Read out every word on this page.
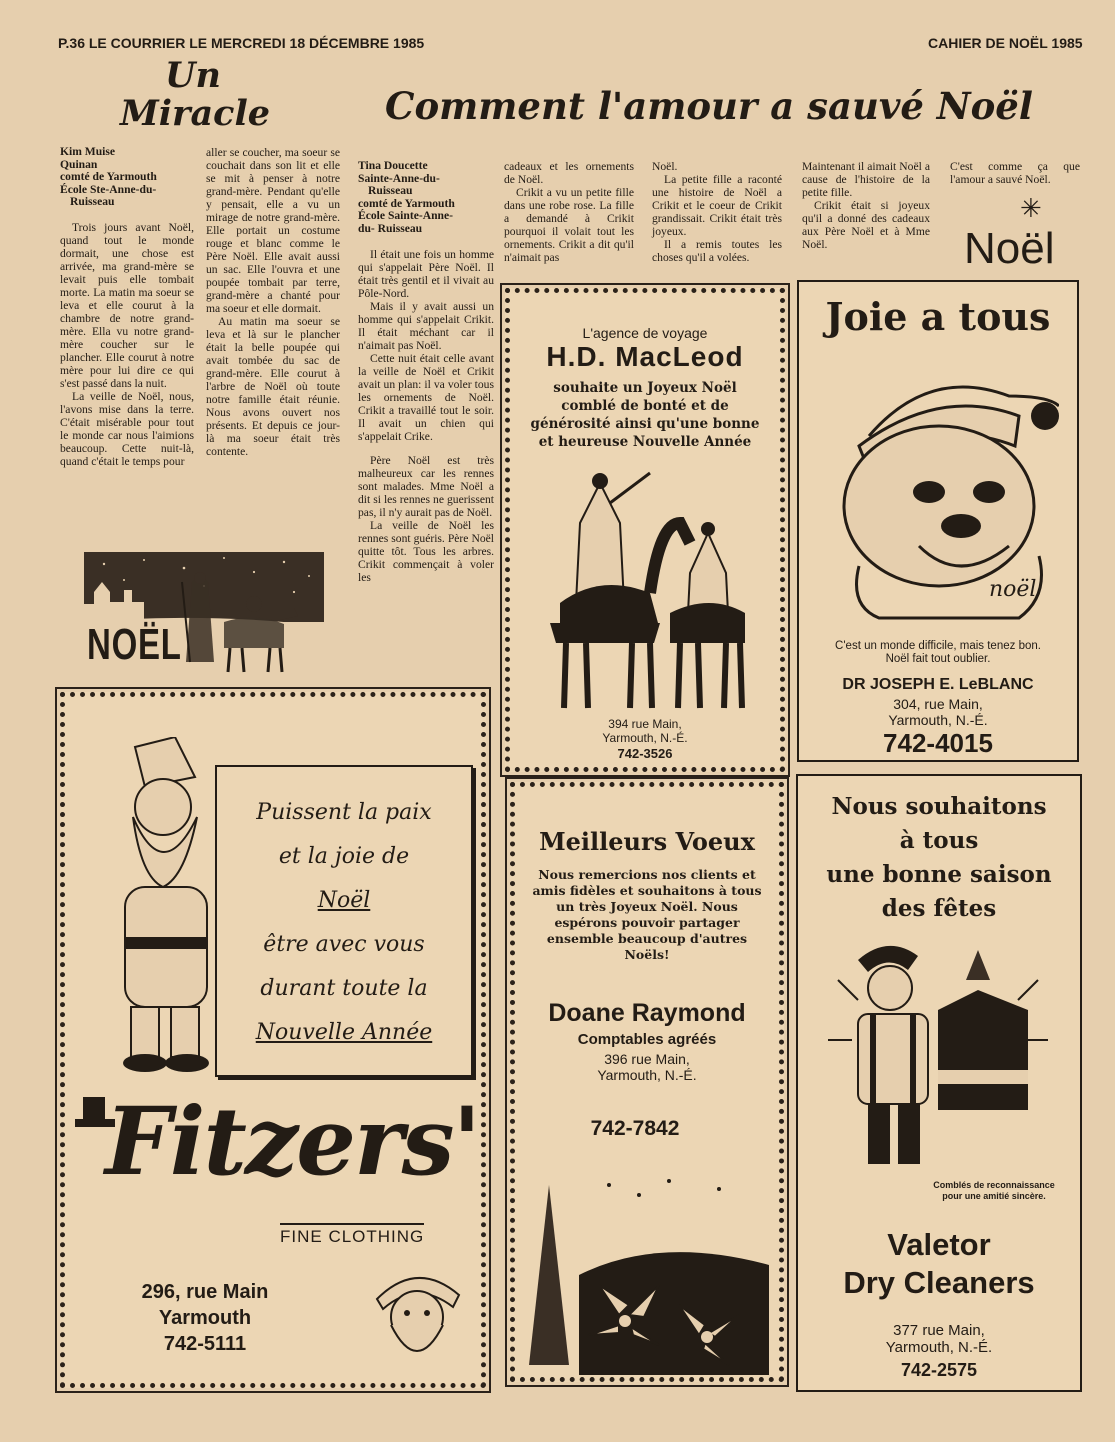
P.36 LE COURRIER LE MERCREDI 18 DÉCEMBRE 1985	CAHIER DE NOËL 1985
Un
Miracle	Comment l'amour a sauvé Noël
Kim Muise
Quinan
comté de Yarmouth
École Ste-Anne-du-
Ruisseau

Trois jours avant Noël, quand tout le monde dormait, une chose est arrivée, ma grand-mère se levait puis elle tombait morte. La matin ma soeur se leva et elle courut à la chambre de notre grand-mère. Ella vu notre grand-mère coucher sur le plancher. Elle courut à notre mère pour lui dire ce qui s'est passé dans la nuit.

La veille de Noël, nous, l'avons mise dans la terre. C'était misérable pour tout le monde car nous l'aimions beaucoup. Cette nuit-là, quand c'était le temps pour

aller se coucher, ma soeur se couchait dans son lit et elle se mit à penser à notre grand-mère. Pendant qu'elle y pensait, elle a vu un mirage de notre grand-mère. Elle portait un costume rouge et blanc comme le Père Noël. Elle avait aussi un sac. Elle l'ouvra et une poupée tombait par terre, grand-mère a chanté pour ma soeur et elle dormait.

Au matin ma soeur se leva et là sur le plancher était la belle poupée qui avait tombée du sac de grand-mère. Elle courut à l'arbre de Noël où toute notre famille était réunie. Nous avons ouvert nos présents. Et depuis ce jour-là ma soeur était très contente.

NOËL
Tina Doucette
Sainte-Anne-du-
Ruisseau
comté de Yarmouth
École Sainte-Anne-
du- Ruisseau

Il était une fois un homme qui s'appelait Père Noël. Il était très gentil et il vivait au Pôle-Nord.

Mais il y avait aussi un homme qui s'appelait Crikit. Il était méchant car il n'aimait pas Noël.

Cette nuit était celle avant la veille de Noël et Crikit avait un plan: il va voler tous les ornements de Noël. Crikit a travaillé tout le soir. Il avait un chien qui s'appelait Crike.

Père Noël est très malheureux car les rennes sont malades. Mme Noël a dit si les rennes ne guerissent pas, il n'y aurait pas de Noël.

La veille de Noël les rennes sont guéris. Père Noël quitte tôt. Tous les arbres. Crikit commençait à voler les

cadeaux et les ornements de Noël.

Crikit a vu un petite fille dans une robe rose. La fille a demandé à Crikit pourquoi il volait tout les ornements. Crikit a dit qu'il n'aimait pas

Noël.

La petite fille a raconté une histoire de Noël a Crikit et le coeur de Crikit grandissait. Crikit était très joyeux.

Il a remis toutes les choses qu'il a volées.

Maintenant il aimait Noël a cause de l'histoire de la petite fille.

Crikit était si joyeux qu'il a donné des cadeaux aux Père Noël et à Mme Noël.

C'est comme ça que l'amour a sauvé Noël.

✳
Noël
L'agence de voyage
H.D. MacLeod
souhaite un Joyeux Noël
comblé de bonté et de
générosité ainsi qu'une bonne
et heureuse Nouvelle Année
394 rue Main,
Yarmouth, N.-É.
742-3526
Joie a tous
noël
C'est un monde difficile, mais tenez bon.
Noël fait tout oublier.
DR JOSEPH E. LeBLANC
304, rue Main,
Yarmouth, N.-É.
742-4015
Puissent la paix
et la joie de
Noël
être avec vous
durant toute la
Nouvelle Année
Fitzers'
FINE CLOTHING
296, rue Main
Yarmouth
742-5111
Meilleurs Voeux
Nous remercions nos clients et
amis fidèles et souhaitons à tous
un très Joyeux Noël. Nous
espérons pouvoir partager
ensemble beaucoup d'autres
Noëls!
Doane Raymond
Comptables agréés
396 rue Main,
Yarmouth, N.-É.
742-7842
Nous souhaitons
à tous
une bonne saison
des fêtes
Comblés de reconnaissance
pour une amitié sincère.
Valetor
Dry Cleaners
377 rue Main,
Yarmouth, N.-É.
742-2575
